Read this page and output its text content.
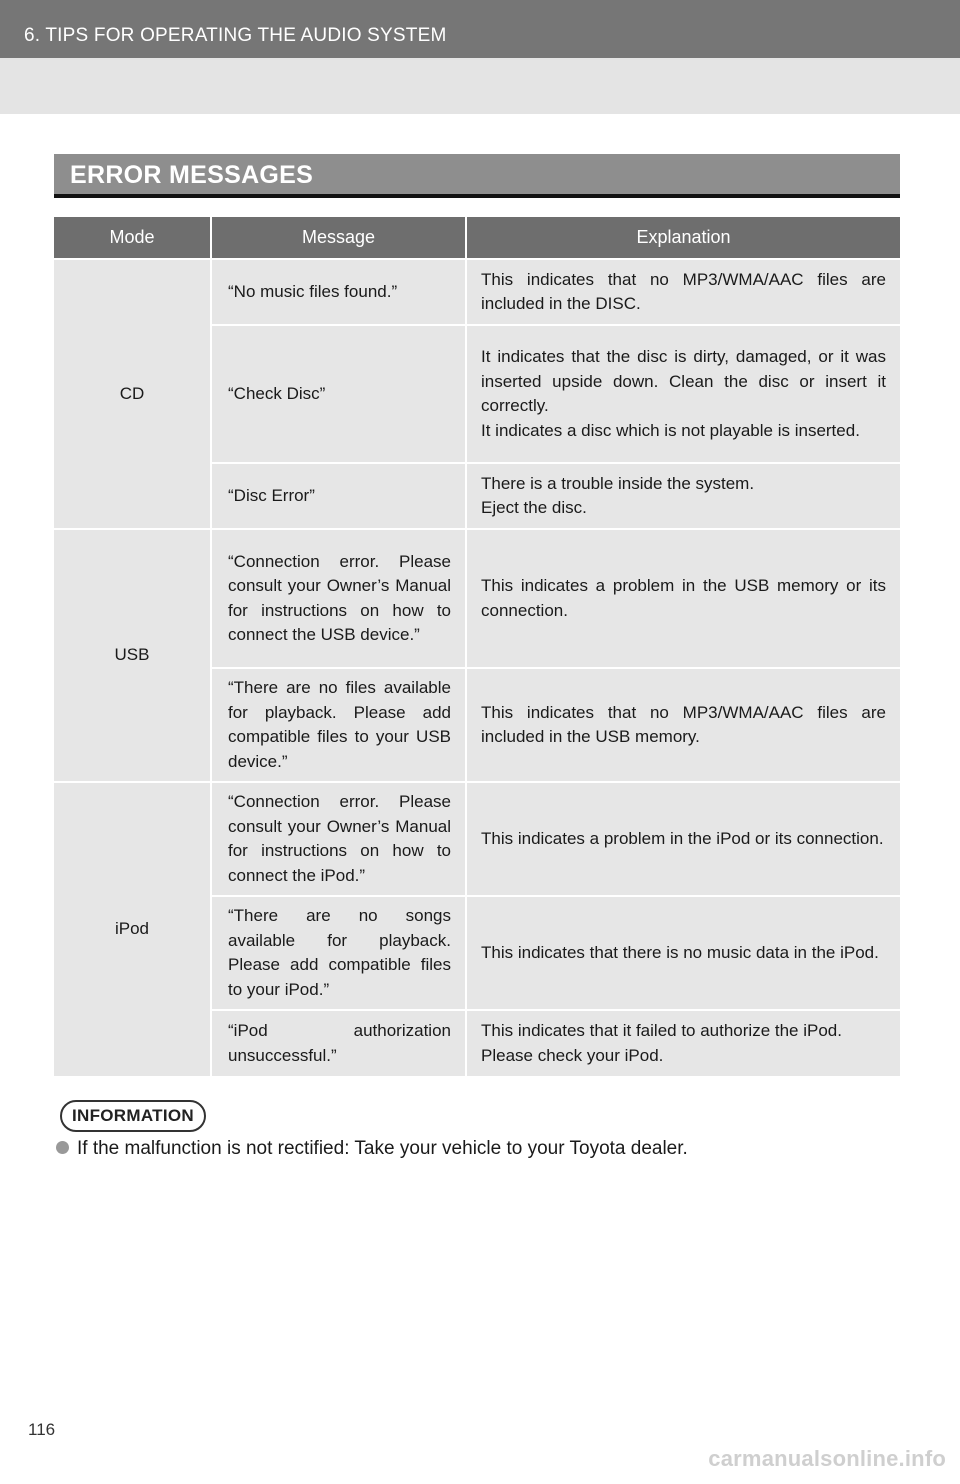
6. TIPS FOR OPERATING THE AUDIO SYSTEM
ERROR MESSAGES
Mode	Message	Explanation
CD	“No music files found.”	This indicates that no MP3/WMA/AAC files are included in the DISC.

	“Check Disc”	It indicates that the disc is dirty, damaged, or it was inserted upside down. Clean the disc or insert it correctly.
It indicates a disc which is not playable is inserted.

	“Disc Error”	There is a trouble inside the system.
Eject the disc.

USB	“Connection error. Please consult your Owner’s Manual for instructions on how to connect the USB device.”	This indicates a problem in the USB memory or its connection.

	“There are no files available for playback. Please add compatible files to your USB device.”	This indicates that no MP3/WMA/AAC files are included in the USB memory.

iPod	“Connection error. Please consult your Owner’s Manual for instructions on how to connect the iPod.”	This indicates a problem in the iPod or its connection.

	“There are no songs available for playback. Please add compatible files to your iPod.”	This indicates that there is no music data in the iPod.

	“iPod authorization unsuccessful.”	This indicates that it failed to authorize the iPod.
Please check your iPod.
INFORMATION
If the malfunction is not rectified: Take your vehicle to your Toyota dealer.
116
carmanualsonline.info
